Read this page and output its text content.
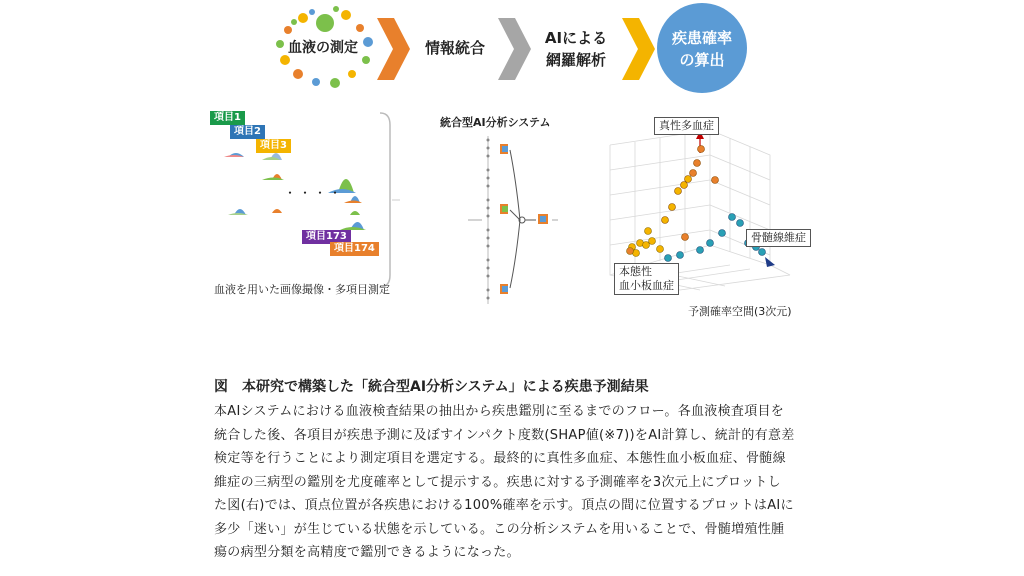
血液の測定	情報統合
AIによる
網羅解析
疾患確率
の算出
項目1
項目2
項目3
・・・・
項目173
項目174
血液を用いた画像撮像・多項目測定
統合型AI分析システム	真性多血症
骨髄線維症
本態性
血小板血症
予測確率空間(3次元)
図　本研究で構築した「統合型AI分析システム」による疾患予測結果
本AIシステムにおける血液検査結果の抽出から疾患鑑別に至るまでのフロー。各血液検査項目を
統合した後、各項目が疾患予測に及ぼすインパクト度数(SHAP値(※7))をAI計算し、統計的有意差
検定等を行うことにより測定項目を選定する。最終的に真性多血症、本態性血小板血症、骨髄線
維症の三病型の鑑別を尤度確率として提示する。疾患に対する予測確率を3次元上にプロットし
た図(右)では、頂点位置が各疾患における100%確率を示す。頂点の間に位置するプロットはAIに
多少「迷い」が生じている状態を示している。この分析システムを用いることで、骨髄増殖性腫
瘍の病型分類を高精度で鑑別できるようになった。
